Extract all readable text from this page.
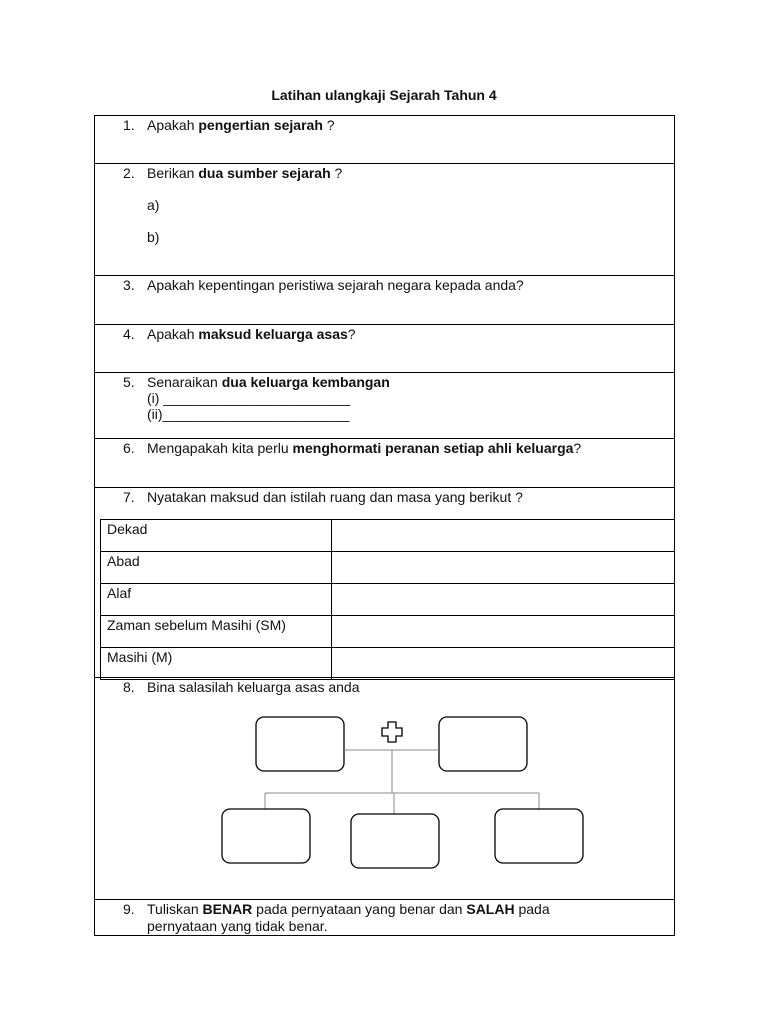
Latihan ulangkaji Sejarah Tahun 4
1. Apakah pengertian sejarah ?
2. Berikan dua sumber sejarah ?
a)
b)
3. Apakah kepentingan peristiwa sejarah negara kepada anda?
4. Apakah maksud keluarga asas?
5. Senaraikan dua keluarga kembangan
(i) ________________________
(ii)________________________
6. Mengapakah kita perlu menghormati peranan setiap ahli keluarga?
7. Nyatakan maksud dan istilah ruang dan masa yang berikut ?
Dekad	
Abad	
Alaf	
Zaman sebelum Masihi (SM)	
Masihi (M)	
8. Bina salasilah keluarga asas anda
9. Tuliskan BENAR pada pernyataan yang benar dan SALAH pada
pernyataan yang tidak benar.
